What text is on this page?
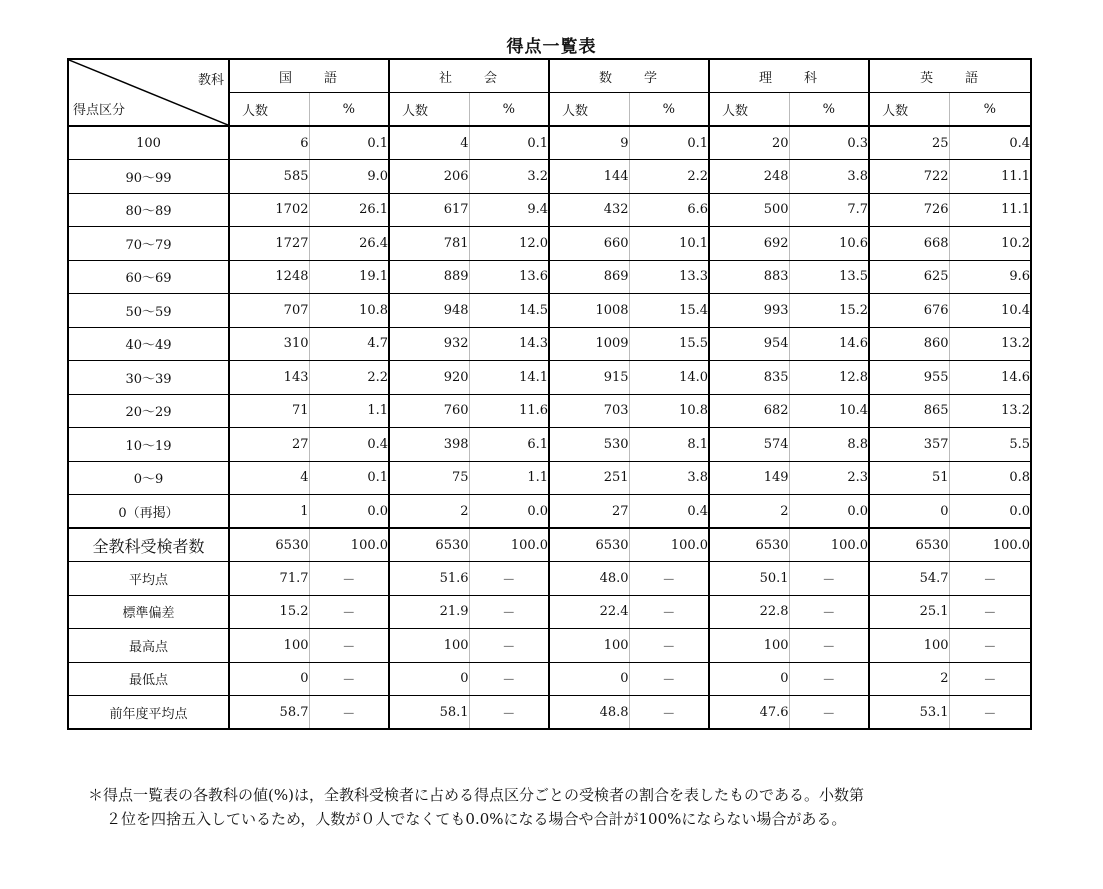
得点一覧表
教科
得点区分	国　　語		社　　会		数　　学		理　　科		英　　語	
	人数	%	人数	%	人数	%	人数	%	人数	%
100	6	0.1	4	0.1	9	0.1	20	0.3	25	0.4
90～99	585	9.0	206	3.2	144	2.2	248	3.8	722	11.1
80～89	1702	26.1	617	9.4	432	6.6	500	7.7	726	11.1
70～79	1727	26.4	781	12.0	660	10.1	692	10.6	668	10.2
60～69	1248	19.1	889	13.6	869	13.3	883	13.5	625	9.6
50～59	707	10.8	948	14.5	1008	15.4	993	15.2	676	10.4
40～49	310	4.7	932	14.3	1009	15.5	954	14.6	860	13.2
30～39	143	2.2	920	14.1	915	14.0	835	12.8	955	14.6
20～29	71	1.1	760	11.6	703	10.8	682	10.4	865	13.2
10～19	27	0.4	398	6.1	530	8.1	574	8.8	357	5.5
0～9	4	0.1	75	1.1	251	3.8	149	2.3	51	0.8
0（再掲）	1	0.0	2	0.0	27	0.4	2	0.0	0	0.0
全教科受検者数	6530	100.0	6530	100.0	6530	100.0	6530	100.0	6530	100.0
平均点	71.7	－	51.6	－	48.0	－	50.1	－	54.7	－
標準偏差	15.2	－	21.9	－	22.4	－	22.8	－	25.1	－
最高点	100	－	100	－	100	－	100	－	100	－
最低点	0	－	0	－	0	－	0	－	2	－
前年度平均点	58.7	－	58.1	－	48.8	－	47.6	－	53.1	－
＊得点一覧表の各教科の値(%)は，全教科受検者に占める得点区分ごとの受検者の割合を表したものである。小数第
２位を四捨五入しているため，人数が０人でなくても0.0%になる場合や合計が100%にならない場合がある。
